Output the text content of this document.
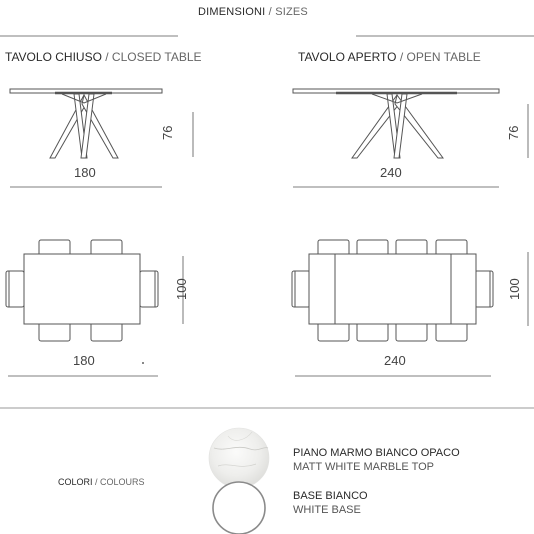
DIMENSIONI / SIZES
TAVOLO CHIUSO / CLOSED TABLE	TAVOLO APERTO / OPEN TABLE
180
76
240
76
100
180
100
240
COLORI / COLOURS
PIANO MARMO BIANCO OPACO
MATT WHITE MARBLE TOP
BASE BIANCO
WHITE BASE
